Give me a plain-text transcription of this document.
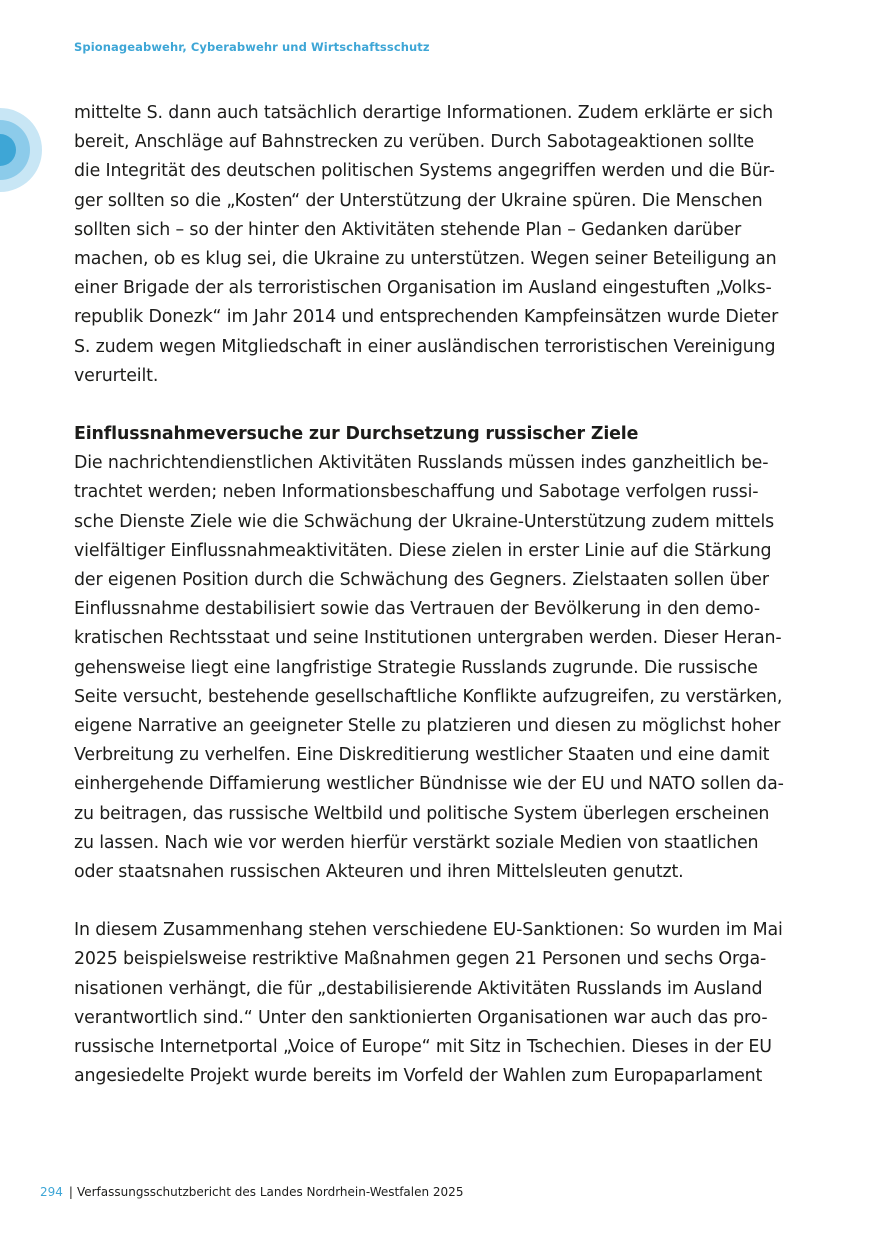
Spionageabwehr, Cyberabwehr und Wirtschaftsschutz
mittelte S. dann auch tatsächlich derartige Informationen. Zudem erklärte er sich
bereit, Anschläge auf Bahnstrecken zu verüben. Durch Sabotageaktionen sollte
die Integrität des deutschen politischen Systems angegriffen werden und die Bür-
ger sollten so die „Kosten“ der Unterstützung der Ukraine spüren. Die Menschen
sollten sich – so der hinter den Aktivitäten stehende Plan – Gedanken darüber
machen, ob es klug sei, die Ukraine zu unterstützen. Wegen seiner Beteiligung an
einer Brigade der als terroristischen Organisation im Ausland eingestuften „Volks-
republik Donezk“ im Jahr 2014 und entsprechenden Kampfeinsätzen wurde Dieter
S. zudem wegen Mitgliedschaft in einer ausländischen terroristischen Vereinigung
verurteilt.
Einflussnahmeversuche zur Durchsetzung russischer Ziele
Die nachrichtendienstlichen Aktivitäten Russlands müssen indes ganzheitlich be-
trachtet werden; neben Informationsbeschaffung und Sabotage verfolgen russi-
sche Dienste Ziele wie die Schwächung der Ukraine-Unterstützung zudem mittels
vielfältiger Einflussnahmeaktivitäten. Diese zielen in erster Linie auf die Stärkung
der eigenen Position durch die Schwächung des Gegners. Zielstaaten sollen über
Einflussnahme destabilisiert sowie das Vertrauen der Bevölkerung in den demo-
kratischen Rechtsstaat und seine Institutionen untergraben werden. Dieser Heran-
gehensweise liegt eine langfristige Strategie Russlands zugrunde. Die russische
Seite versucht, bestehende gesellschaftliche Konflikte aufzugreifen, zu verstärken,
eigene Narrative an geeigneter Stelle zu platzieren und diesen zu möglichst hoher
Verbreitung zu verhelfen. Eine Diskreditierung westlicher Staaten und eine damit
einhergehende Diffamierung westlicher Bündnisse wie der EU und NATO sollen da-
zu beitragen, das russische Weltbild und politische System überlegen erscheinen
zu lassen. Nach wie vor werden hierfür verstärkt soziale Medien von staatlichen
oder staatsnahen russischen Akteuren und ihren Mittelsleuten genutzt.
In diesem Zusammenhang stehen verschiedene EU-Sanktionen: So wurden im Mai
2025 beispielsweise restriktive Maßnahmen gegen 21 Personen und sechs Orga-
nisationen verhängt, die für „destabilisierende Aktivitäten Russlands im Ausland
verantwortlich sind.“ Unter den sanktionierten Organisationen war auch das pro-
russische Internetportal „Voice of Europe“ mit Sitz in Tschechien. Dieses in der EU
angesiedelte Projekt wurde bereits im Vorfeld der Wahlen zum Europaparlament
294 | Verfassungsschutzbericht des Landes Nordrhein-Westfalen 2025
